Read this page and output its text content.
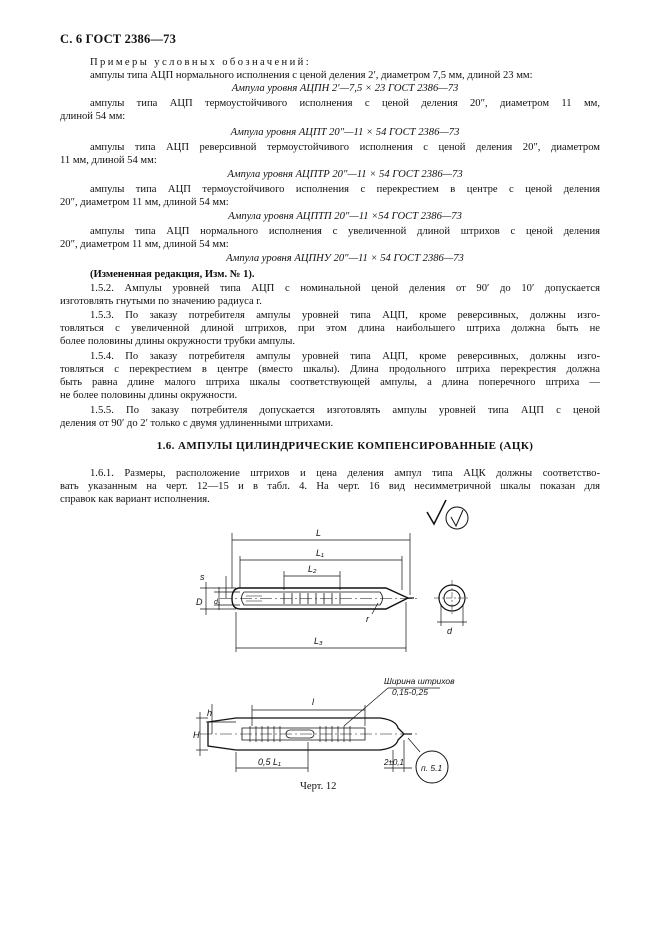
С. 6 ГОСТ 2386—73
Примеры условных обозначений:
ампулы типа АЦП нормального исполнения с ценой деления 2′, диаметром 7,5 мм, длиной 23 мм:
Ампула уровня АЦПН 2′—7,5 × 23 ГОСТ 2386—73
ампулы типа АЦП термоустойчивого исполнения с ценой деления 20″, диаметром 11 мм,
длиной 54 мм:
Ампула уровня АЦПТ 20″—11 × 54 ГОСТ 2386—73
ампулы типа АЦП реверсивной термоустойчивого исполнения с ценой деления 20″, диаметром
11 мм, длиной 54 мм:
Ампула уровня АЦПТР 20″—11 × 54 ГОСТ 2386—73
ампулы типа АЦП термоустойчивого исполнения с перекрестием в центре с ценой деления
20″, диаметром 11 мм, длиной 54 мм:
Ампула уровня АЦПТП 20″—11 ×54 ГОСТ 2386—73
ампулы типа АЦП нормального исполнения с увеличенной длиной штрихов с ценой деления
20″, диаметром 11 мм, длиной 54 мм:
Ампула уровня АЦПНУ 20″—11 × 54 ГОСТ 2386—73
(Измененная редакция, Изм. № 1).
1.5.2. Ампулы уровней типа АЦП с номинальной ценой деления от 90′ до 10′ допускается
изготовлять гнутыми по значению радиуса r.
1.5.3. По заказу потребителя ампулы уровней типа АЦП, кроме реверсивных, должны изго-
товляться с увеличенной длиной штрихов, при этом длина наибольшего штриха должна быть не
более половины длины окружности трубки ампулы.
1.5.4. По заказу потребителя ампулы уровней типа АЦП, кроме реверсивных, должны изго-
товляться с перекрестием в центре (вместо шкалы). Длина продольного штриха перекрестия должна
быть равна длине малого штриха шкалы соответствующей ампулы, а длина поперечного штриха —
не более половины длины окружности.
1.5.5. По заказу потребителя допускается изготовлять ампулы уровней типа АЦП с ценой
деления от 90′ до 2′ только с двумя удлиненными штрихами.
1.6. АМПУЛЫ ЦИЛИНДРИЧЕСКИЕ КОМПЕНСИРОВАННЫЕ (АЦК)
1.6.1. Размеры, расположение штрихов и цена деления ампул типа АЦК должны соответство-
вать указанным на черт. 12—15 и в табл. 4. На черт. 16 вид несимметричной шкалы показан для
справок как вариант исполнения.
L
L₁
L₂
L₃
s
D d₁
r
d
l
h
H
0,5 L₁	2±0,1
Ширина штрихов
0,15-0,25
п. 5.1
Черт. 12
